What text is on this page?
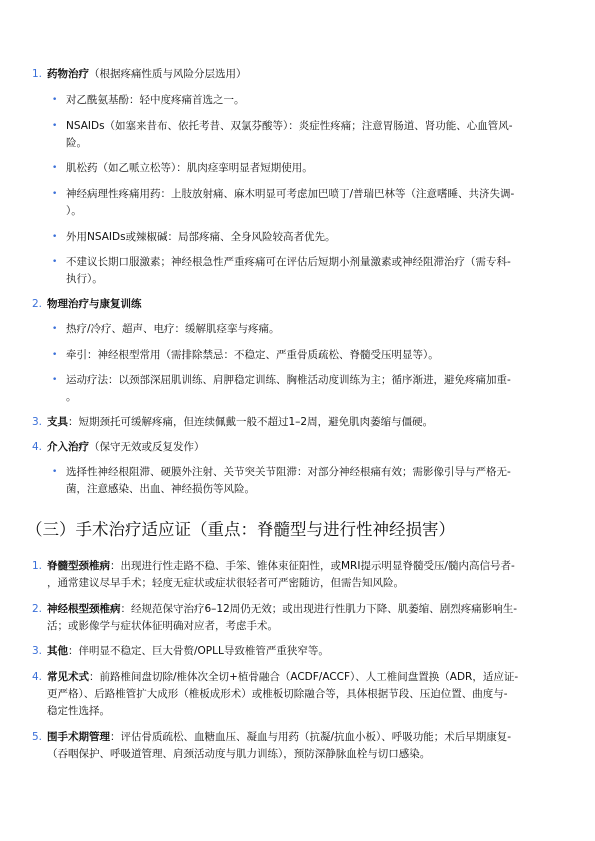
1. 药物治疗（根据疼痛性质与风险分层选用）
• 对乙酰氨基酚：轻中度疼痛首选之一。
• NSAIDs（如塞来昔布、依托考昔、双氯芬酸等）：炎症性疼痛；注意胃肠道、肾功能、心血管风-
险。
• 肌松药（如乙哌立松等）：肌肉痉挛明显者短期使用。
• 神经病理性疼痛用药：上肢放射痛、麻木明显可考虑加巴喷丁/普瑞巴林等（注意嗜睡、共济失调-
）。
• 外用NSAIDs或辣椒碱：局部疼痛、全身风险较高者优先。
• 不建议长期口服激素；神经根急性严重疼痛可在评估后短期小剂量激素或神经阻滞治疗（需专科-
执行）。
2. 物理治疗与康复训练
• 热疗/冷疗、超声、电疗：缓解肌痉挛与疼痛。
• 牵引：神经根型常用（需排除禁忌：不稳定、严重骨质疏松、脊髓受压明显等）。
• 运动疗法：以颈部深屈肌训练、肩胛稳定训练、胸椎活动度训练为主；循序渐进，避免疼痛加重-
。
3. 支具：短期颈托可缓解疼痛，但连续佩戴一般不超过1–2周，避免肌肉萎缩与僵硬。
4. 介入治疗（保守无效或反复发作）
• 选择性神经根阻滞、硬膜外注射、关节突关节阻滞：对部分神经根痛有效；需影像引导与严格无-
菌，注意感染、出血、神经损伤等风险。
（三）手术治疗适应证（重点：脊髓型与进行性神经损害）
1. 脊髓型颈椎病：出现进行性走路不稳、手笨、锥体束征阳性，或MRI提示明显脊髓受压/髓内高信号者-
，通常建议尽早手术；轻度无症状或症状很轻者可严密随访，但需告知风险。
2. 神经根型颈椎病：经规范保守治疗6–12周仍无效；或出现进行性肌力下降、肌萎缩、剧烈疼痛影响生-
活；或影像学与症状体征明确对应者，考虑手术。
3. 其他：伴明显不稳定、巨大骨赘/OPLL导致椎管严重狭窄等。
4. 常见术式：前路椎间盘切除/椎体次全切+植骨融合（ACDF/ACCF）、人工椎间盘置换（ADR，适应证-
更严格）、后路椎管扩大成形（椎板成形术）或椎板切除融合等，具体根据节段、压迫位置、曲度与-
稳定性选择。
5. 围手术期管理：评估骨质疏松、血糖血压、凝血与用药（抗凝/抗血小板）、呼吸功能；术后早期康复-
（吞咽保护、呼吸道管理、肩颈活动度与肌力训练），预防深静脉血栓与切口感染。
